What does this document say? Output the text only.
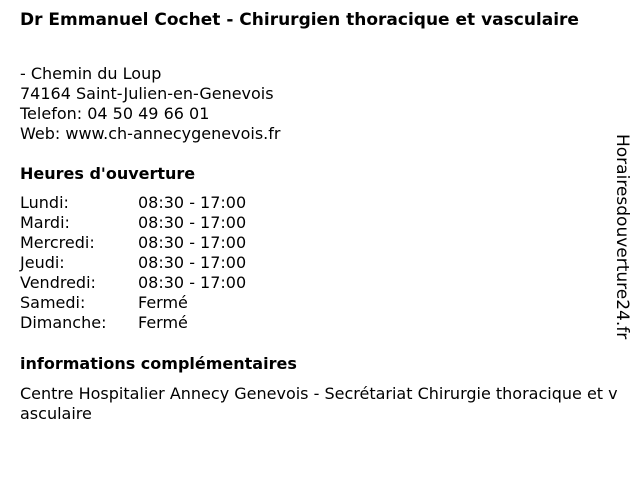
Dr Emmanuel Cochet - Chirurgien thoracique et vasculaire
- Chemin du Loup
74164 Saint-Julien-en-Genevois
Telefon: 04 50 49 66 01
Web: www.ch-annecygenevois.fr
Heures d'ouverture
Lundi:	08:30 - 17:00
Mardi:	08:30 - 17:00
Mercredi:	08:30 - 17:00
Jeudi:	08:30 - 17:00
Vendredi:	08:30 - 17:00
Samedi:	Fermé
Dimanche:	Fermé
informations complémentaires
Centre Hospitalier Annecy Genevois - Secrétariat Chirurgie thoracique et vasculaire
Horairesdouverture24.fr
